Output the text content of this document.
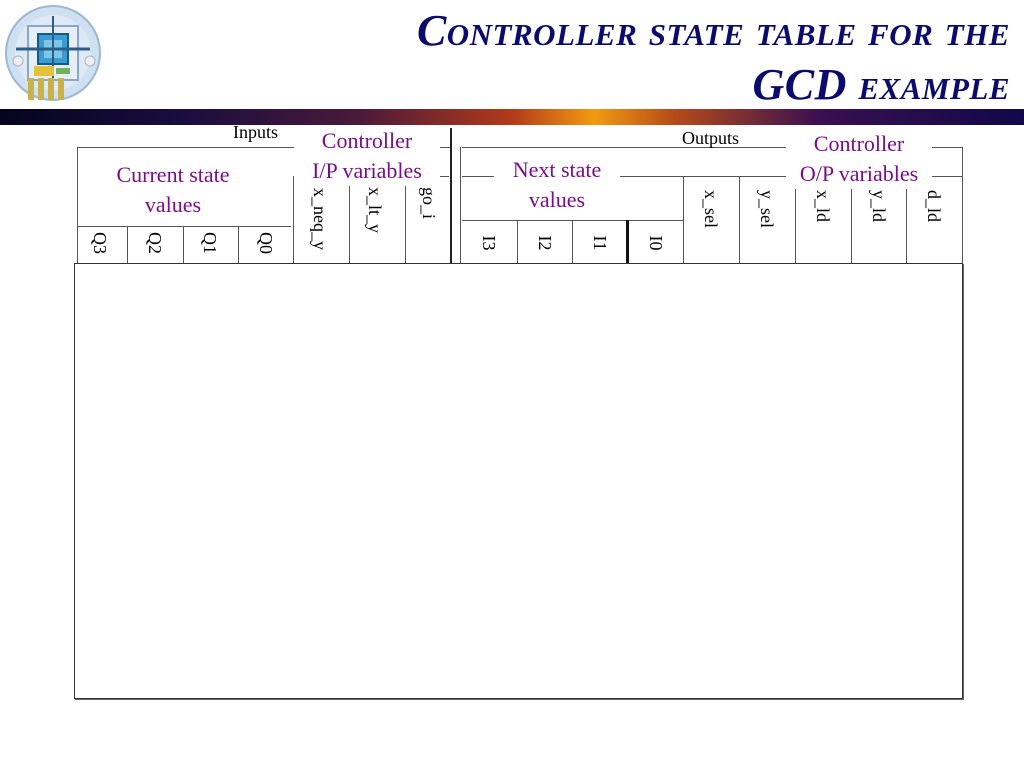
Controller state table for the
GCD example
Inputs	Outputs
Controller
I/P variables	Next state
values
Controller
O/P variables
Current state
values
Q3 Q2 Q1 Q0 x_neq_y x_lt_y go_i
I3 I2 I1 I0
x_sel y_sel x_ld y_ld d_ld
